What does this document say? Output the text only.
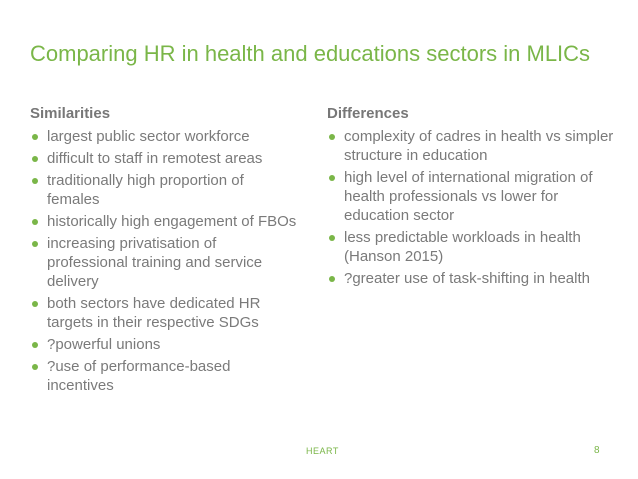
Comparing HR in health and educations sectors in MLICs
Similarities
largest public sector workforce
difficult to staff in remotest areas
traditionally high proportion of females
historically high engagement of FBOs
increasing privatisation of professional training and service delivery
both sectors have dedicated HR targets in their respective SDGs
?powerful unions
?use of performance-based incentives
Differences
complexity of cadres in health vs simpler structure in education
high level of international migration of health professionals vs lower for education sector
less predictable workloads in health (Hanson 2015)
?greater use of task-shifting in health
HEART	8
